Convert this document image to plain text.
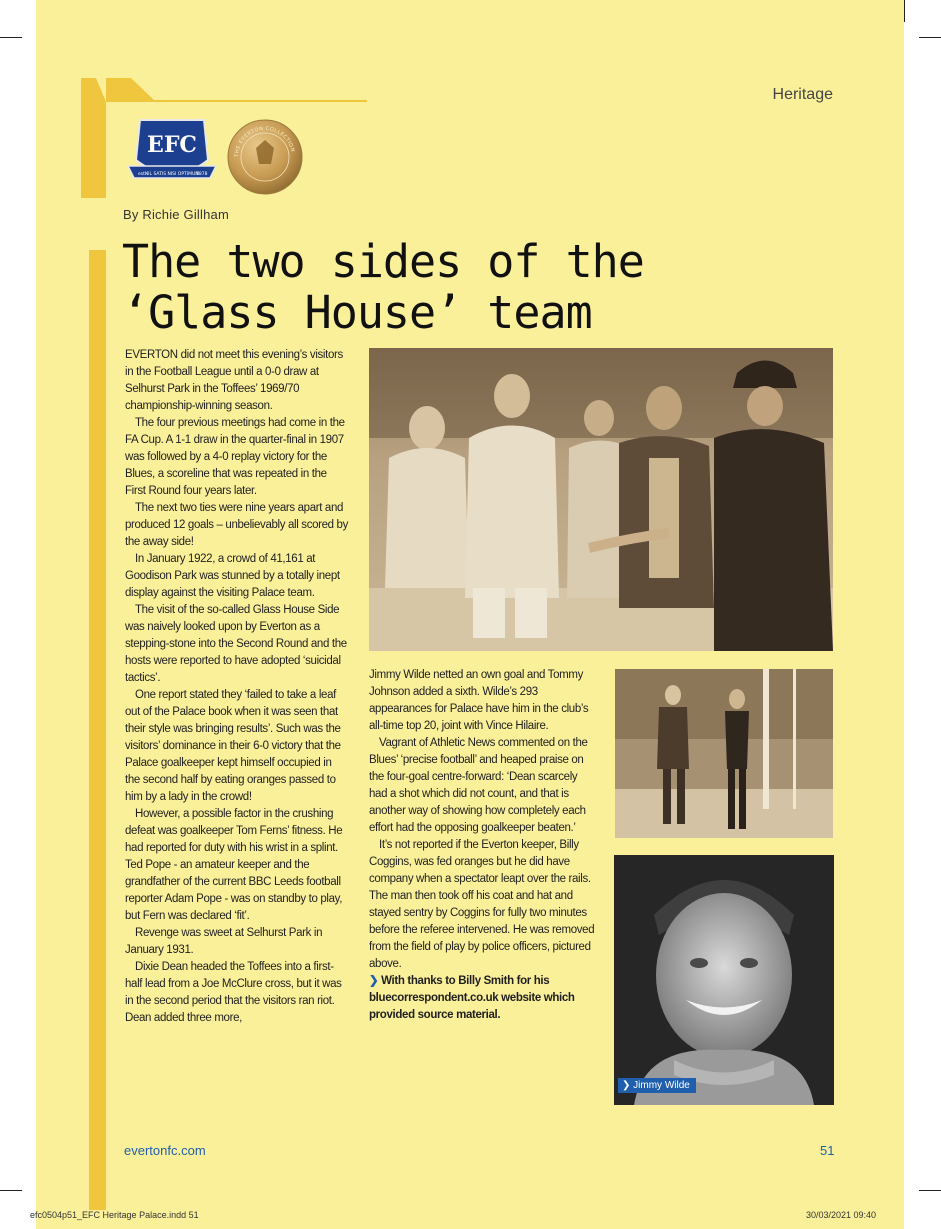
Heritage
EFC
NIL SATIS NISI OPTIMUM
est.	1878
THE EVERTON COLLECTION
By Richie Gillham
The two sides of the
‘Glass House’ team

EVERTON did not meet this evening’s visitors in the Football League until a 0-0 draw at Selhurst Park in the Toffees’ 1969/70 championship-winning season.

The four previous meetings had come in the FA Cup. A 1-1 draw in the quarter-final in 1907 was followed by a 4-0 replay victory for the Blues, a scoreline that was repeated in the First Round four years later.

The next two ties were nine years apart and produced 12 goals – unbelievably all scored by the away side!

In January 1922, a crowd of 41,161 at Goodison Park was stunned by a totally inept display against the visiting Palace team.

The visit of the so-called Glass House Side was naively looked upon by Everton as a stepping-stone into the Second Round and the hosts were reported to have adopted ‘suicidal tactics’.

One report stated they ‘failed to take a leaf out of the Palace book when it was seen that their style was bringing results’. Such was the visitors’ dominance in their 6-0 victory that the Palace goalkeeper kept himself occupied in the second half by eating oranges passed to him by a lady in the crowd!

However, a possible factor in the crushing defeat was goalkeeper Tom Ferns’ fitness. He had reported for duty with his wrist in a splint. Ted Pope - an amateur keeper and the grandfather of the current BBC Leeds football reporter Adam Pope - was on standby to play, but Fern was declared ‘fit’.

Revenge was sweet at Selhurst Park in January 1931.

Dixie Dean headed the Toffees into a first-half lead from a Joe McClure cross, but it was in the second period that the visitors ran riot. Dean added three more,

❯ Jimmy Wilde

Jimmy Wilde netted an own goal and Tommy Johnson added a sixth. Wilde’s 293 appearances for Palace have him in the club’s all-time top 20, joint with Vince Hilaire.

Vagrant of Athletic News commented on the Blues’ ‘precise football’ and heaped praise on the four-goal centre-forward: ‘Dean scarcely had a shot which did not count, and that is another way of showing how completely each effort had the opposing goalkeeper beaten.’

It’s not reported if the Everton keeper, Billy Coggins, was fed oranges but he did have company when a spectator leapt over the rails. The man then took off his coat and hat and stayed sentry by Coggins for fully two minutes before the referee intervened. He was removed from the field of play by police officers, pictured above.

❯ With thanks to Billy Smith for his bluecorrespondent.co.uk website which provided source material.

evertonfc.com	51
efc0504p51_EFC Heritage Palace.indd 51	30/03/2021 09:40
